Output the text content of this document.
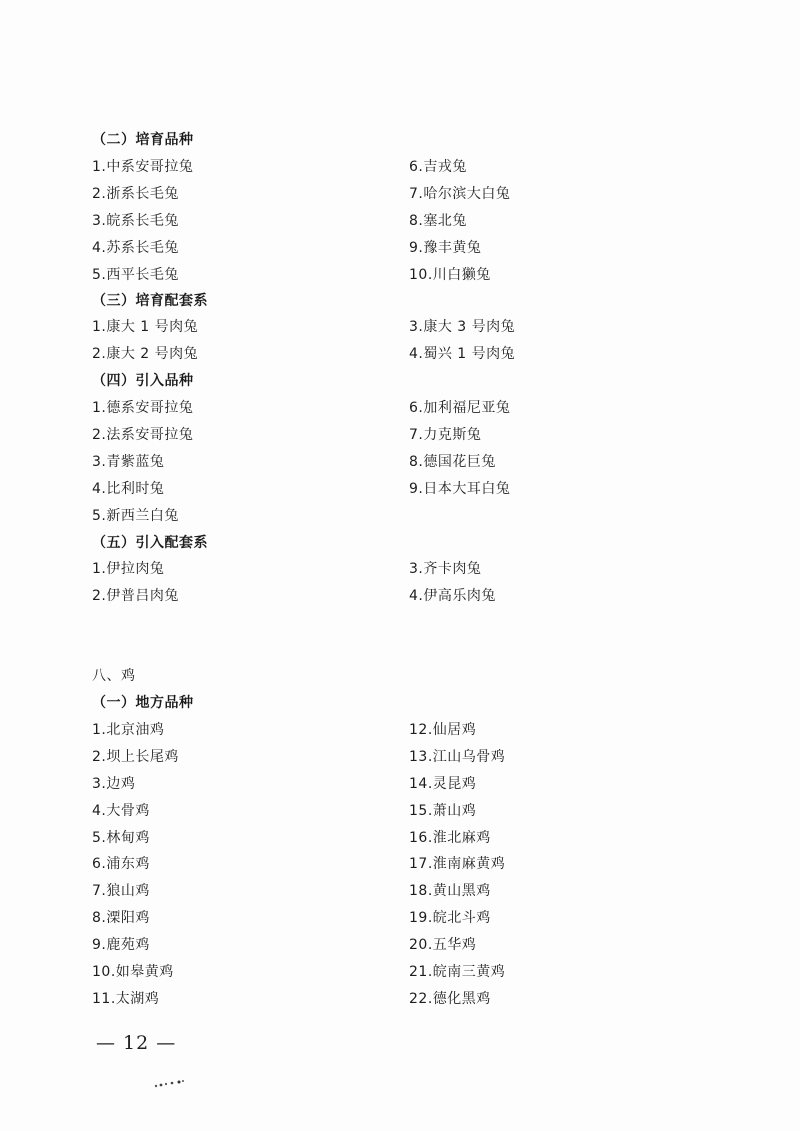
（二）培育品种
1.中系安哥拉兔
2.浙系长毛兔
3.皖系长毛兔
4.苏系长毛兔
5.西平长毛兔
6.吉戎兔
7.哈尔滨大白兔
8.塞北兔
9.豫丰黄兔
10.川白獭兔
（三）培育配套系
1.康大 1 号肉兔
2.康大 2 号肉兔
3.康大 3 号肉兔
4.蜀兴 1 号肉兔
（四）引入品种
1.德系安哥拉兔
2.法系安哥拉兔
3.青紫蓝兔
4.比利时兔
5.新西兰白兔
6.加利福尼亚兔
7.力克斯兔
8.德国花巨兔
9.日本大耳白兔
（五）引入配套系
1.伊拉肉兔
2.伊普吕肉兔
3.齐卡肉兔
4.伊高乐肉兔
八、鸡
（一）地方品种
1.北京油鸡
2.坝上长尾鸡
3.边鸡
4.大骨鸡
5.林甸鸡
6.浦东鸡
7.狼山鸡
8.溧阳鸡
9.鹿苑鸡
10.如皋黄鸡
11.太湖鸡
12.仙居鸡
13.江山乌骨鸡
14.灵昆鸡
15.萧山鸡
16.淮北麻鸡
17.淮南麻黄鸡
18.黄山黑鸡
19.皖北斗鸡
20.五华鸡
21.皖南三黄鸡
22.德化黑鸡
— 12 —
